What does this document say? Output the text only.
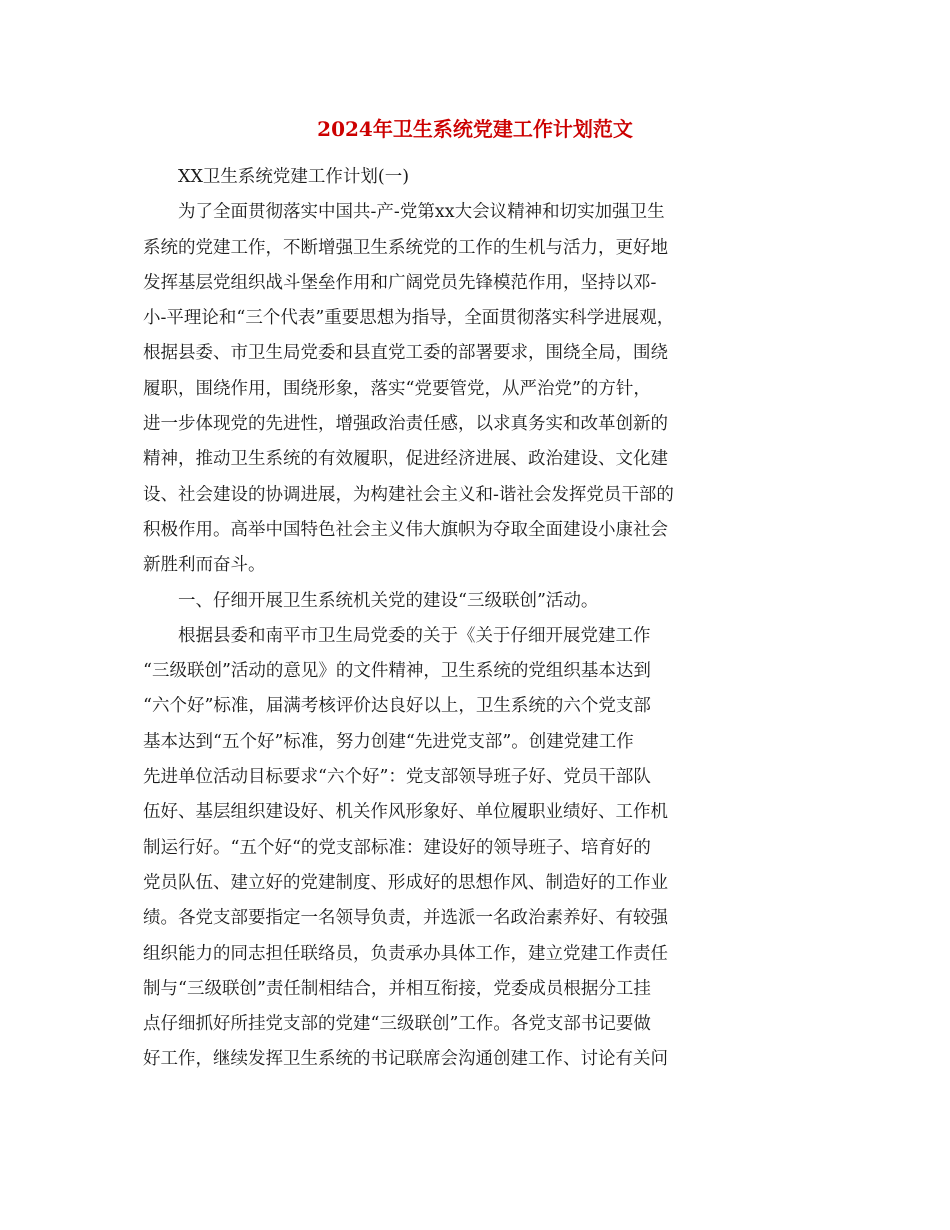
2024年卫生系统党建工作计划范文
XX卫生系统党建工作计划(一)
为了全面贯彻落实中国共-产-党第xx大会议精神和切实加强卫生
系统的党建工作，不断增强卫生系统党的工作的生机与活力，更好地
发挥基层党组织战斗堡垒作用和广阔党员先锋模范作用，坚持以邓-
小-平理论和“三个代表”重要思想为指导，全面贯彻落实科学进展观，
根据县委、市卫生局党委和县直党工委的部署要求，围绕全局，围绕
履职，围绕作用，围绕形象，落实“党要管党，从严治党”的方针，
进一步体现党的先进性，增强政治责任感，以求真务实和改革创新的
精神，推动卫生系统的有效履职，促进经济进展、政治建设、文化建
设、社会建设的协调进展，为构建社会主义和-谐社会发挥党员干部的
积极作用。高举中国特色社会主义伟大旗帜为夺取全面建设小康社会
新胜利而奋斗。
一、仔细开展卫生系统机关党的建设“三级联创”活动。
根据县委和南平市卫生局党委的关于《关于仔细开展党建工作
“三级联创”活动的意见》的文件精神，卫生系统的党组织基本达到
“六个好”标准，届满考核评价达良好以上，卫生系统的六个党支部
基本达到“五个好”标准，努力创建“先进党支部”。创建党建工作
先进单位活动目标要求“六个好”：党支部领导班子好、党员干部队
伍好、基层组织建设好、机关作风形象好、单位履职业绩好、工作机
制运行好。“五个好“的党支部标准：建设好的领导班子、培育好的
党员队伍、建立好的党建制度、形成好的思想作风、制造好的工作业
绩。各党支部要指定一名领导负责，并选派一名政治素养好、有较强
组织能力的同志担任联络员，负责承办具体工作，建立党建工作责任
制与“三级联创”责任制相结合，并相互衔接，党委成员根据分工挂
点仔细抓好所挂党支部的党建“三级联创”工作。各党支部书记要做
好工作，继续发挥卫生系统的书记联席会沟通创建工作、讨论有关问
